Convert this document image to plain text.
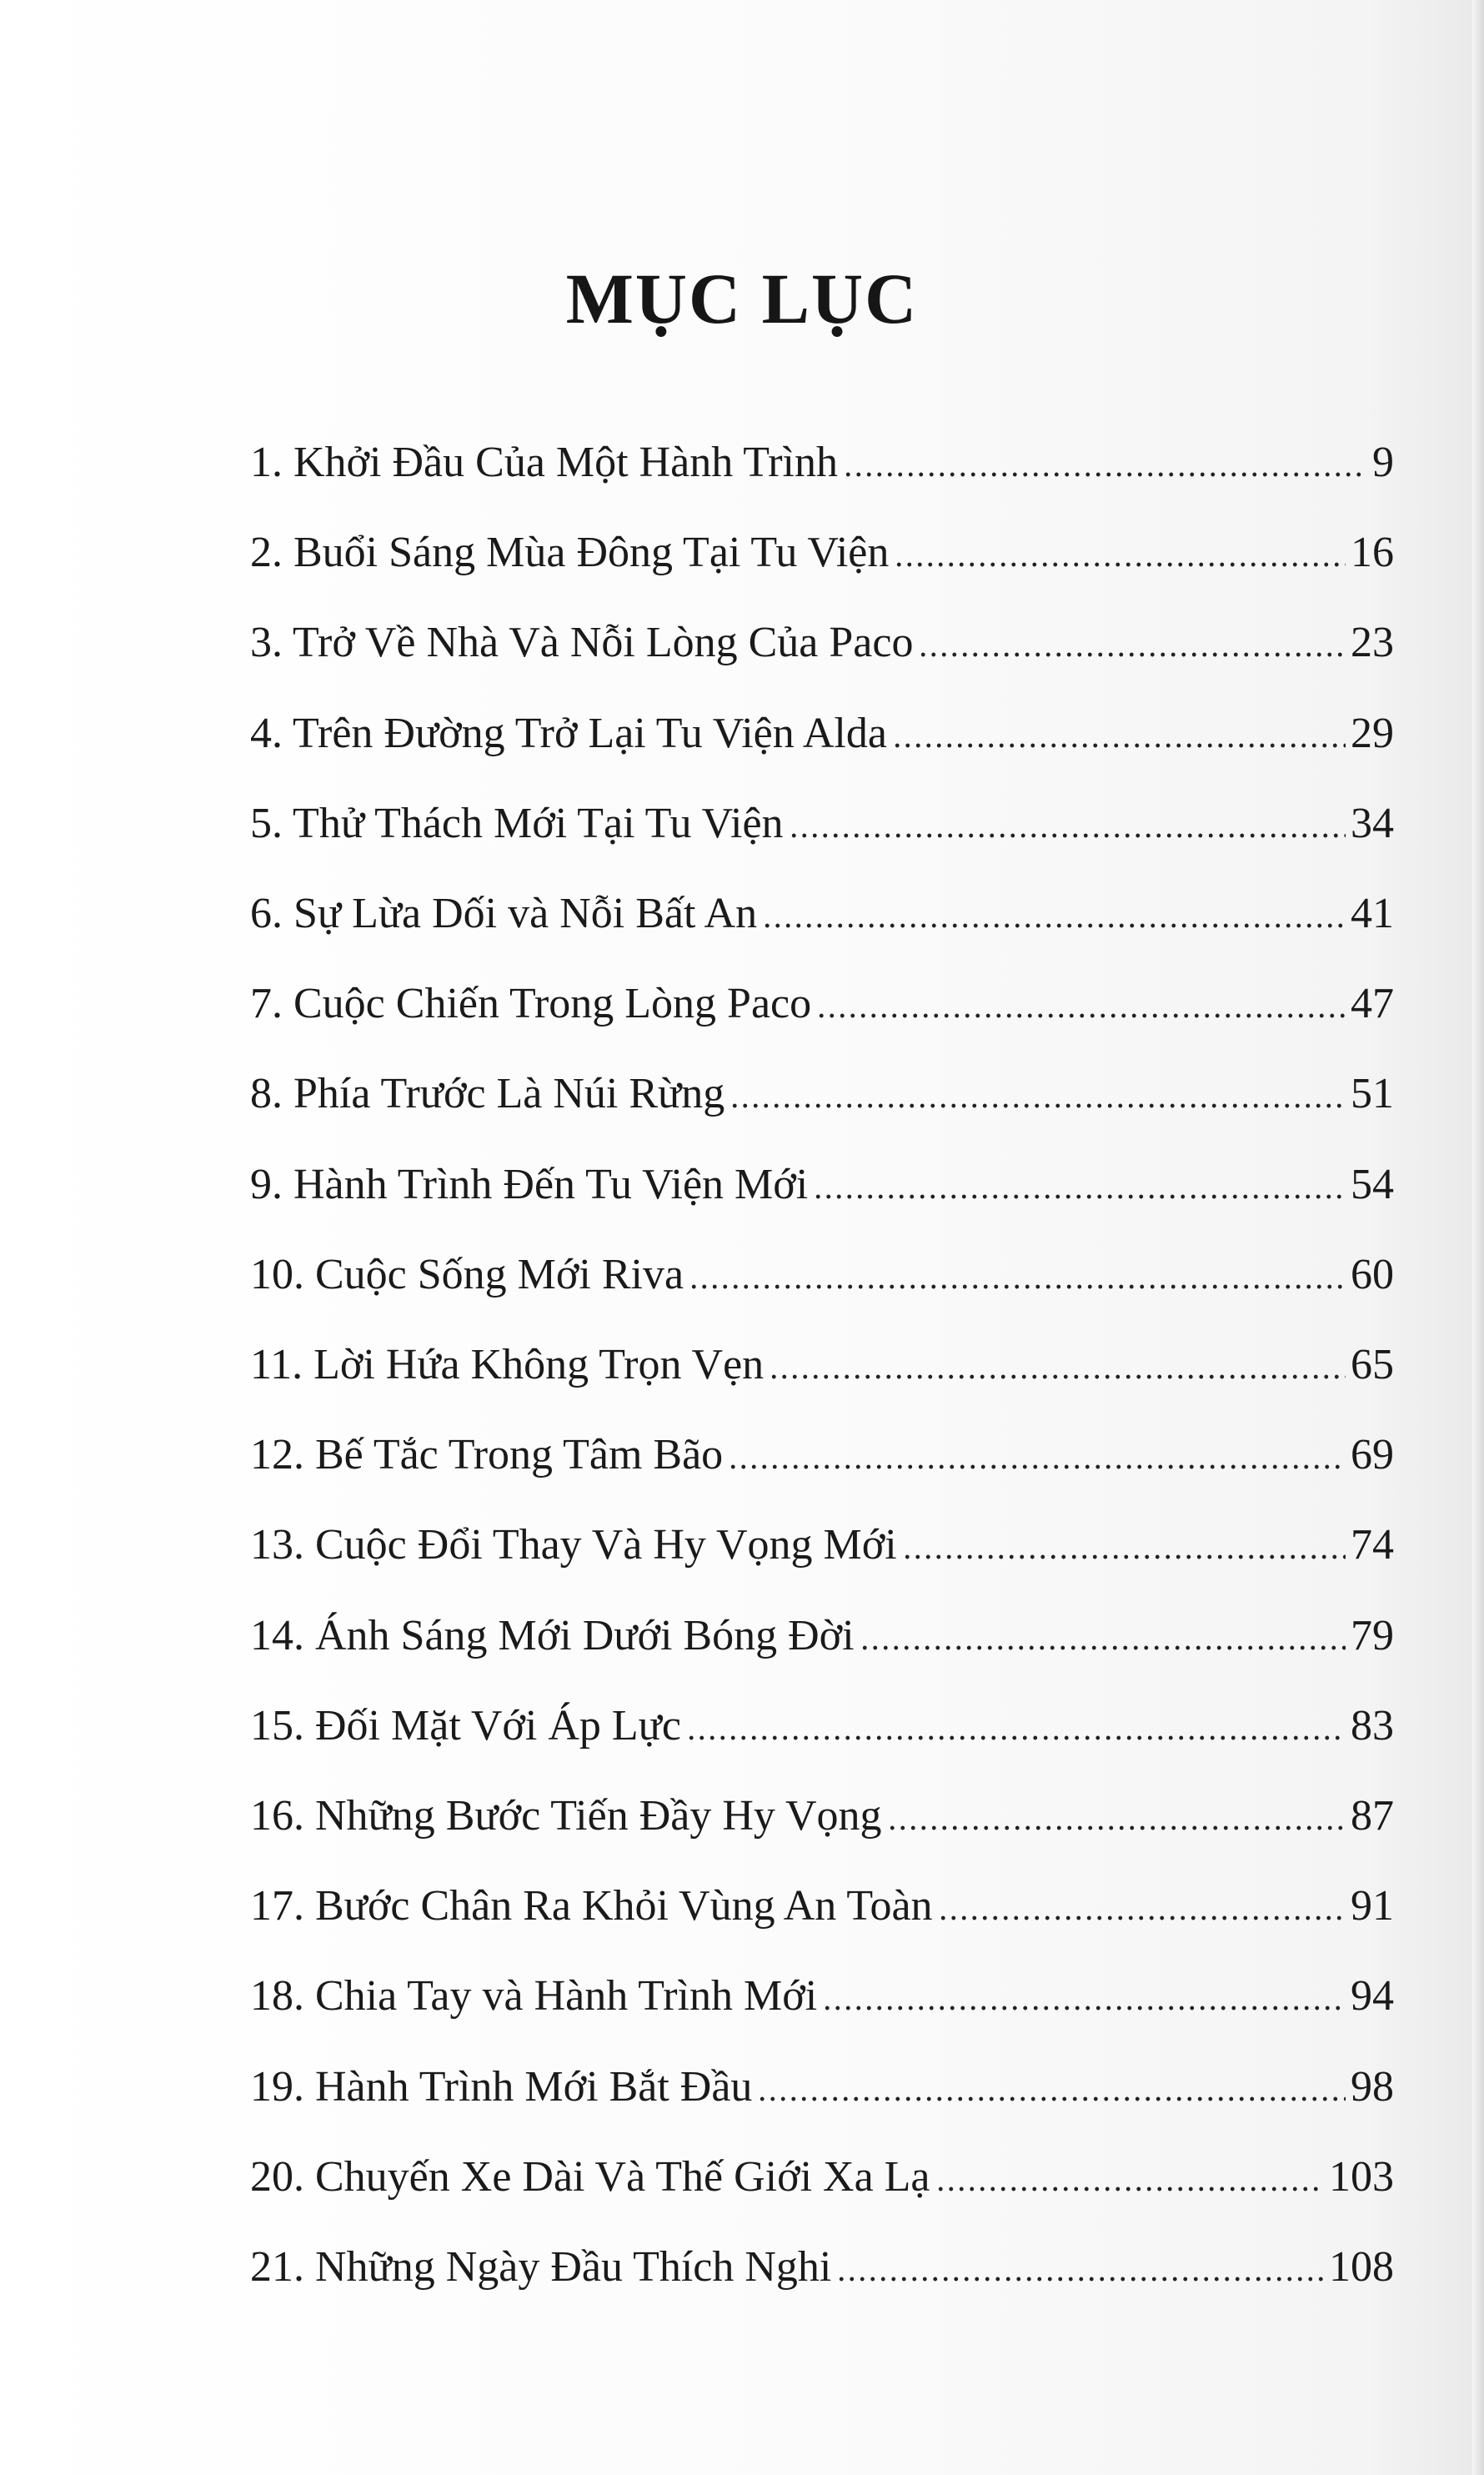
MỤC LỤC
1. Khởi Đầu Của Một Hành Trình	9
2. Buổi Sáng Mùa Đông Tại Tu Viện	16
3. Trở Về Nhà Và Nỗi Lòng Của Paco	23
4. Trên Đường Trở Lại Tu Viện Alda	29
5. Thử Thách Mới Tại Tu Viện	34
6. Sự Lừa Dối và Nỗi Bất An	41
7. Cuộc Chiến Trong Lòng Paco	47
8. Phía Trước Là Núi Rừng	51
9. Hành Trình Đến Tu Viện Mới	54
10. Cuộc Sống Mới Riva	60
11. Lời Hứa Không Trọn Vẹn	65
12. Bế Tắc Trong Tâm Bão	69
13. Cuộc Đổi Thay Và Hy Vọng Mới	74
14. Ánh Sáng Mới Dưới Bóng Đời	79
15. Đối Mặt Với Áp Lực	83
16. Những Bước Tiến Đầy Hy Vọng	87
17. Bước Chân Ra Khỏi Vùng An Toàn	91
18. Chia Tay và Hành Trình Mới	94
19. Hành Trình Mới Bắt Đầu	98
20. Chuyến Xe Dài Và Thế Giới Xa Lạ	103
21. Những Ngày Đầu Thích Nghi	108
